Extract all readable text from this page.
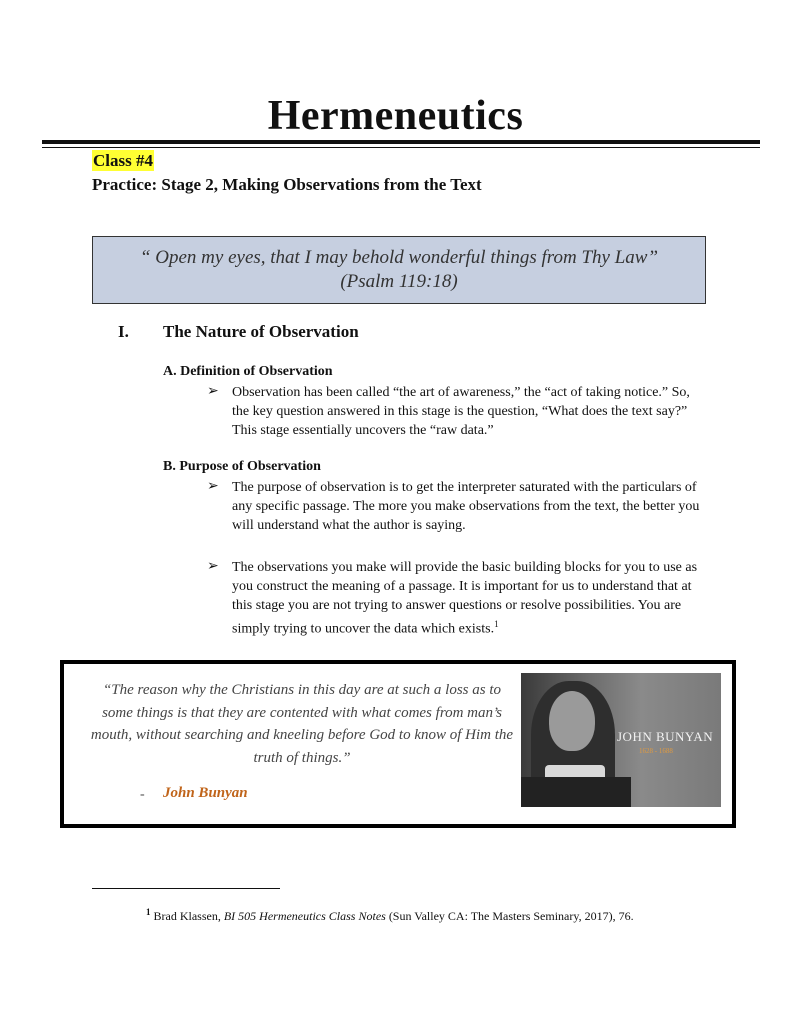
Hermeneutics
Class #4
Practice: Stage 2, Making Observations from the Text
“ Open my eyes, that I may behold wonderful things from Thy Law”
(Psalm 119:18)
I. The Nature of Observation
A. Definition of Observation
➢ Observation has been called “the art of awareness,” the “act of taking notice.” So, the key question answered in this stage is the question, “What does the text say?” This stage essentially uncovers the “raw data.”
B. Purpose of Observation
➢ The purpose of observation is to get the interpreter saturated with the particulars of any specific passage. The more you make observations from the text, the better you will understand what the author is saying.
➢ The observations you make will provide the basic building blocks for you to use as you construct the meaning of a passage. It is important for us to understand that at this stage you are not trying to answer questions or resolve possibilities. You are simply trying to uncover the data which exists.$^1$
“The reason why the Christians in this day are at such a loss as to some things is that they are contented with what comes from man’s mouth, without searching and kneeling before God to know of Him the truth of things.”
- John Bunyan
JOHN BUNYAN
1628 - 1688
$^1$ Brad Klassen, BI 505 Hermeneutics Class Notes (Sun Valley CA: The Masters Seminary, 2017), 76.
